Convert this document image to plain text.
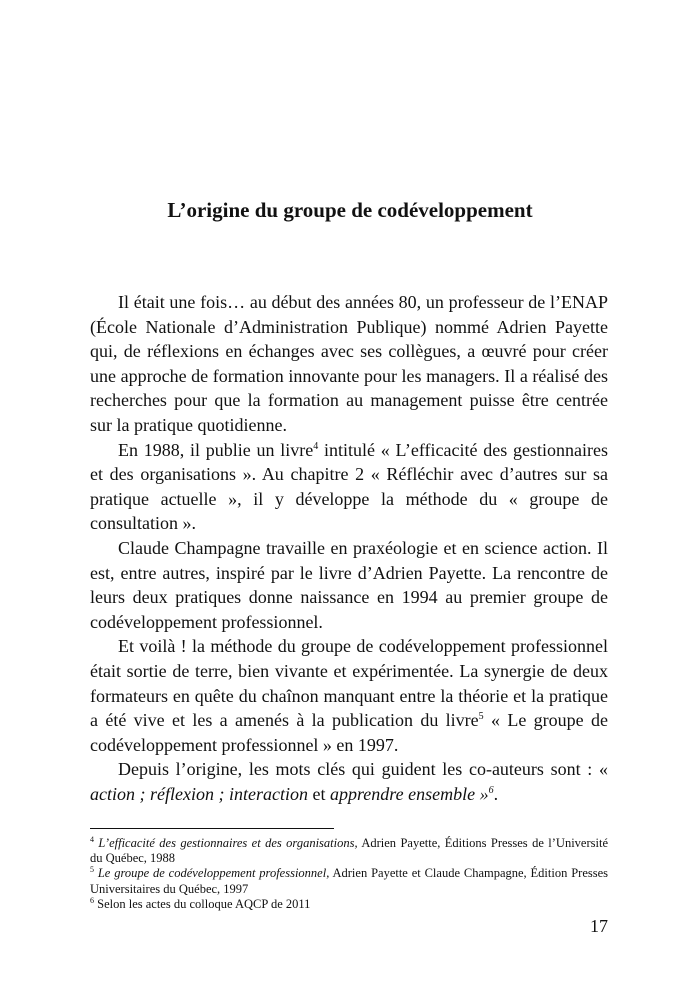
L’origine du groupe de codéveloppement

Il était une fois… au début des années 80, un professeur de l’ENAP (École Nationale d’Administration Publique) nommé Adrien Payette qui, de réflexions en échanges avec ses collègues, a œuvré pour créer une approche de formation innovante pour les managers. Il a réalisé des recherches pour que la formation au management puisse être centrée sur la pratique quotidienne.

En 1988, il publie un livre$^4$ intitulé « L’efficacité des gestionnaires et des organisations ». Au chapitre 2 « Réfléchir avec d’autres sur sa pratique actuelle », il y développe la méthode du « groupe de consultation ».

Claude Champagne travaille en praxéologie et en science action. Il est, entre autres, inspiré par le livre d’Adrien Payette. La rencontre de leurs deux pratiques donne naissance en 1994 au premier groupe de codéveloppement professionnel.

Et voilà ! la méthode du groupe de codéveloppement professionnel était sortie de terre, bien vivante et expérimentée. La synergie de deux formateurs en quête du chaînon manquant entre la théorie et la pratique a été vive et les a amenés à la publication du livre$^5$ « Le groupe de codéveloppement professionnel » en 1997.

Depuis l’origine, les mots clés qui guident les co-auteurs sont : « action ; réflexion ; interaction et apprendre ensemble »$^6$.

$^4$ L’efficacité des gestionnaires et des organisations, Adrien Payette, Éditions Presses de l’Université du Québec, 1988

$^5$ Le groupe de codéveloppement professionnel, Adrien Payette et Claude Champagne, Édition Presses Universitaires du Québec, 1997

$^6$ Selon les actes du colloque AQCP de 2011

17
